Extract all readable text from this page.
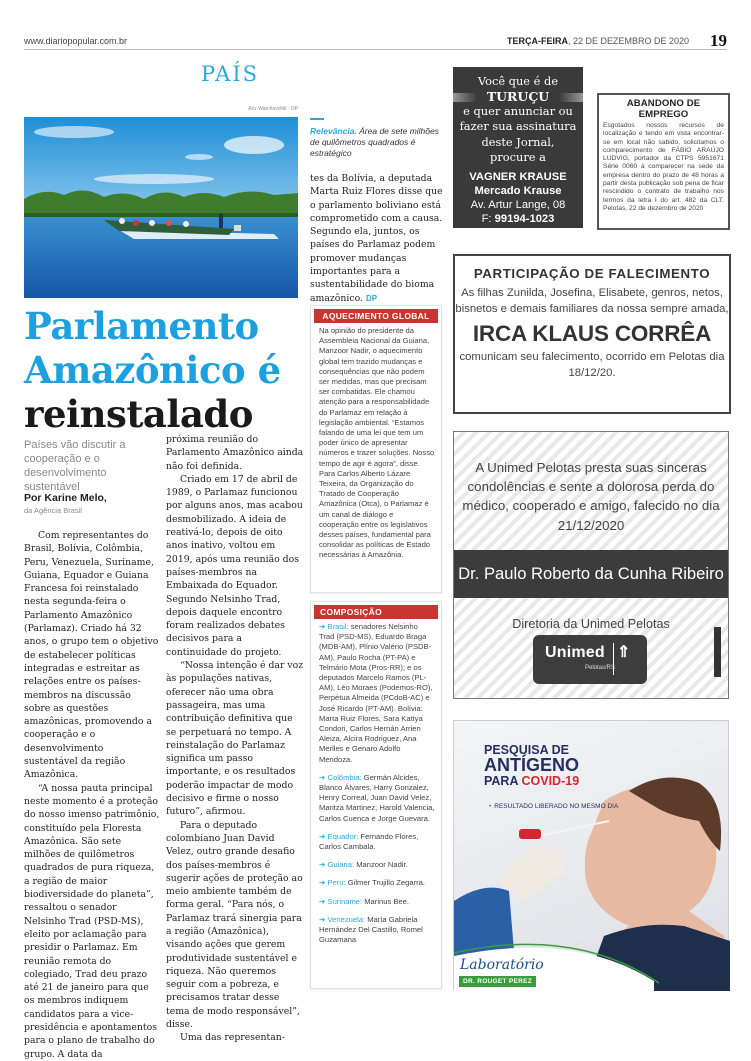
www.diariopopular.com.br	TERÇA-FEIRA, 22 DE DEZEMBRO DE 2020 19
PAÍS
Ariz Warchavchik · DP
Relevância. Área de sete milhões de quilômetros quadrados é estratégico

tes da Bolívia, a deputada Marta Ruiz Flores disse que o parlamento boliviano está comprometido com a causa. Segundo ela, juntos, os países do Parlamaz podem promover mudanças importantes para a sustentabilidade do bioma amazônico. DP

Parlamento
Amazônico é
reinstalado
Países vão discutir a cooperação e o desenvolvimento sustentável
Por Karine Melo,
da Agência Brasil

Com representantes do Brasil, Bolívia, Colômbia, Peru, Venezuela, Suriname, Guiana, Equador e Guiana Francesa foi reinstalado nesta segunda-feira o Parlamento Amazônico (Parlamaz). Criado há 32 anos, o grupo tem o objetivo de estabelecer políticas integradas e estreitar as relações entre os países-membros na discussão sobre as questões amazônicas, promovendo a cooperação e o desenvolvimento sustentável da região Amazônica.

“A nossa pauta principal neste momento é a proteção do nosso imenso patrimônio, constituído pela Floresta Amazônica. São sete milhões de quilômetros quadrados de pura riqueza, a região de maior biodiversidade do planeta”, ressaltou o senador Nelsinho Trad (PSD-MS), eleito por aclamação para presidir o Parlamaz. Em reunião remota do colegiado, Trad deu prazo até 21 de janeiro para que os membros indiquem candidatos para a vice-presidência e apontamentos para o plano de trabalho do grupo. A data da

próxima reunião do Parlamento Amazônico ainda não foi definida.

Criado em 17 de abril de 1989, o Parlamaz funcionou por alguns anos, mas acabou desmobilizado. A ideia de reativá-lo, depois de oito anos inativo, voltou em 2019, após uma reunião dos países-membros na Embaixada do Equador. Segundo Nelsinho Trad, depois daquele encontro foram realizados debates decisivos para a continuidade do projeto.

“Nossa intenção é dar voz às populações nativas, oferecer não uma obra passageira, mas uma contribuição definitiva que se perpetuará no tempo. A reinstalação do Parlamaz significa um passo importante, e os resultados poderão impactar de modo decisivo e firme o nosso futuro”, afirmou.

Para o deputado colombiano Juan David Velez, outro grande desafio dos países-membros é sugerir ações de proteção ao meio ambiente também de forma geral. “Para nós, o Parlamaz trará sinergia para a região (Amazônica), visando ações que gerem produtividade sustentável e riqueza. Não queremos seguir com a pobreza, e precisamos tratar desse tema de modo responsável”, disse.

Uma das representan-

AQUECIMENTO GLOBAL
Na opinião do presidente da Assembleia Nacional da Guiana, Manzoor Nadir, o aquecimento global tem trazido mudanças e consequências que não podem ser medidas, mas que precisam ser combatidas. Ele chamou atenção para a responsabilidade do Parlamaz em relação à legislação ambiental. “Estamos falando de uma lei que tem um poder único de apresentar números e trazer soluções. Nosso tempo de agir é agora”, disse. Para Carlos Alberto Lázare Teixeira, da Organização do Tratado de Cooperação Amazônica (Otca), o Parlamaz é um canal de diálogo e cooperação entre os legislativos desses países, fundamental para consolidar as políticas de Estado necessárias à Amazônia.
COMPOSIÇÃO

➔ Brasil: senadores Nelsinho Trad (PSD-MS), Eduardo Braga (MDB-AM), Plínio Valério (PSDB-AM), Paulo Rocha (PT-PA) e Telmário Mota (Pros-RR); e os deputados Marcelo Ramos (PL-AM), Léo Moraes (Podemos-RO), Perpétua Almeida (PCdoB-AC) e José Ricardo (PT-AM). Bolívia: Marta Ruiz Flores, Sara Kattya Condori, Carlos Hernán Arrien Aleiza, Alcira Rodriguez, Ana Merlles e Genaro Adolfo Mendoza.

➔ Colômbia: Germán Alcides, Blanco Álvares, Harry Gonzalez, Henry Correal, Juan David Velez, Maritza Martinez, Harold Valencia, Carlos Cuenca e Jorge Guevara.

➔ Equador: Fernando Flores, Carlos Cambala.

➔ Guiana: Manzoor Nadir.

➔ Peru: Gilmer Trujillo Zegarra.

➔ Suriname: Marinus Bee.

➔ Venezuela: María Gabriela Hernández Del Castillo, Romel Guzamana

Você que é de
TURUÇU
e quer anunciar ou
fazer sua assinatura
deste Jornal,
procure a
VAGNER KRAUSE
Mercado Krause
Av. Artur Lange, 08
F: 99194-1023
ABANDONO DE EMPREGO
Esgotados nossos recursos de localização e tendo em vista encontrar-se em local não sabido, solicitamos o comparecimento de FÁBIO ARAÚJO LUDVIG, portador da CTPS 5951671 Série 0060 à comparecer na sede da empresa dentro do prazo de 48 horas a partir desta publicação sob pena de ficar rescindido o contrato de trabalho nos termos da letra I do art. 482 da CLT. Pelotas, 22 de dezembro de 2020
PARTICIPAÇÃO DE FALECIMENTO
As filhas Zunilda, Josefina, Elisabete, genros, netos, bisnetos e demais familiares da nossa sempre amada,
IRCA KLAUS CORRÊA
comunicam seu falecimento, ocorrido em Pelotas dia 18/12/20.
A Unimed Pelotas presta suas sinceras condolências e sente a dolorosa perda do médico, cooperado e amigo, falecido no dia 21/12/2020
Dr. Paulo Roberto da Cunha Ribeiro
Diretoria da Unimed Pelotas
Unimed ⇑
Pelotas/RS
PESQUISA DE
ANTÍGENO
PARA COVID-19
• RESULTADO LIBERADO NO MESMO DIA
Laboratório
DR. ROUGET PEREZ
